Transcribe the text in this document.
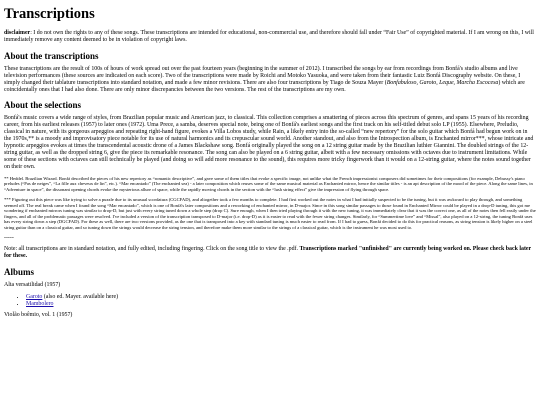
Transcriptions

disclaimer: I do not own the rights to any of these songs. These transcriptions are intended for educational, non-commercial use, and therefore should fall under “Fair Use” of copyrighted material. If I am wrong on this, I will immediately remove any content deemed to be in violation of copyright laws.

About the transcriptions

These transcriptions are the result of 100s of hours of work spread out over the past fourteen years (beginning in the summer of 2012). I transcribed the songs by ear from recordings from Bonfá's studio albums and live television performances (these sources are indicated on each score). Two of the transcriptions were made by Roichi and Motoko Yasuoka, and were taken from their fantastic Luiz Bonfá Discography website. On these, I simply changed their tablature transcriptions into standard notation, and made a few minor revisions. There are also four transcriptions by Tiago de Souza Mayer (Bonfabuloso, Garoto, Leque, Marcha Escocesa) which are coincidentally ones that I had also done. There are only minor discrepancies between the two versions. The rest of the transcriptions are my own.

About the selections

Bonfá's music covers a wide range of styles, from Brazilian popular music and American jazz, to classical. This collection comprises a smattering of pieces across this spectrum of genres, and spans 15 years of his recording career, from his earliest releases (1957) to later ones (1972). Uma Prece, a samba, deserves special note, being one of Bonfá's earliest songs and the first track on his self-titled debut solo LP (1955). Elsewhere, Preludio, classical in nature, with its gorgeous arpeggios and repeating right-hand figure, evokes a Villa Lobos study, while Rain, a likely entry into the so-called “new repertory” for the solo guitar which Bonfá had begun work on in the 1970s,** is a moody and improvisatory piece notable for its use of natural harmonics and its crepuscular sound world. Another standout, and also from the Introspection album, is Enchanted mirror***, whose intricate and hypnotic arpeggios evokes at times the transcendental acoustic drone of a James Blackshaw song. Bonfá originally played the song on a 12 string guitar made by the Brazilian luthier Giannini. The doubled strings of the 12-string guitar, as well as the dropped string 6, give the piece its remarkable resonance. The song can also be played on a 6 string guitar, albeit with a few necessary omissions with octaves due to instrument limitations. While some of these sections with octaves can still technically be played (and doing so will add more resonance to the sound), this requires more tricky fingerwork than it would on a 12-string guitar, where the notes sound together on their own.

** Heddel. Brazilian Wizard. Bonfá described the pieces of his new repertory as “romantic descriptive”, and gave some of them titles that evoke a specific image, not unlike what the French impressionist composers did sometimes for their compositions (for example, Debussy's piano preludes (“Pas de neiges”, “La fille aux cheveux de lin”, etc.). “Mar encantado” (The enchanted sea) - a later composition which reuses some of the same musical material as Enchanted mirror, hence the similar titles - is an apt description of the mood of the piece. Along the same lines, in “Adventure in space”, the dissonant opening chords evoke the mysterious allure of space, while the rapidly moving chords in the section with the “lush string effect” give the impression of flying through space.

*** Figuring out this piece was like trying to solve a puzzle due to its unusual scordatura (CGCFAD), and altogether took a few months to complete. I had first worked out the notes in what I had initially suspected to be the tuning, but it was awkward to play through, and something seemed off. The real break came when I found the song “Mar encantado”, which is one of Bonfá's later compositions and a reworking of enchanted mirror, in D-major. Since in this song similar passages to those found in Enchanted Mirror could be played in a drop-D tuning, this got me wondering if enchanted mirrors tuning was similar to drop-D, but just with every string tuned down a whole step (drop C). Sure enough, when I then tried playing through it with the new tuning, it was immediately clear that it was the correct one, as all of the notes then fell easily under the fingers, and all of the problematic passages were resolved. I've included a version of the transcription transposed to D-major (i.e. drop-D) as it is easier to read with the fewer string changes. Similarly, for “Summertime love” and “Missal”, also played on a 12-string, the tuning Bonfá uses has every string down a step (DGCFAD). For these as well, there are two versions provided, as the one that is transposed into a key with standard tuning is much easier to read from. If I had to guess, Bonfá decided to do this for practical reasons, as string tension is likely higher on a steel string guitar than on a classical guitar, and so tuning down the strings would decrease the string tension, and therefore make them more similar to the strings of a classical guitar, which is the instrument he was most used to.

-----

Note: all transcriptions are in standard notation, and fully edited, including fingering. Click on the song title to view the .pdf. Transcriptions marked "unfinished" are currently being worked on. Please check back later for these.

Albums

Alta versatilidad (1957)

• Garoto (also ed. Mayer. available here)
• Mambolero

Violão boêmio, vol. 1 (1957)
